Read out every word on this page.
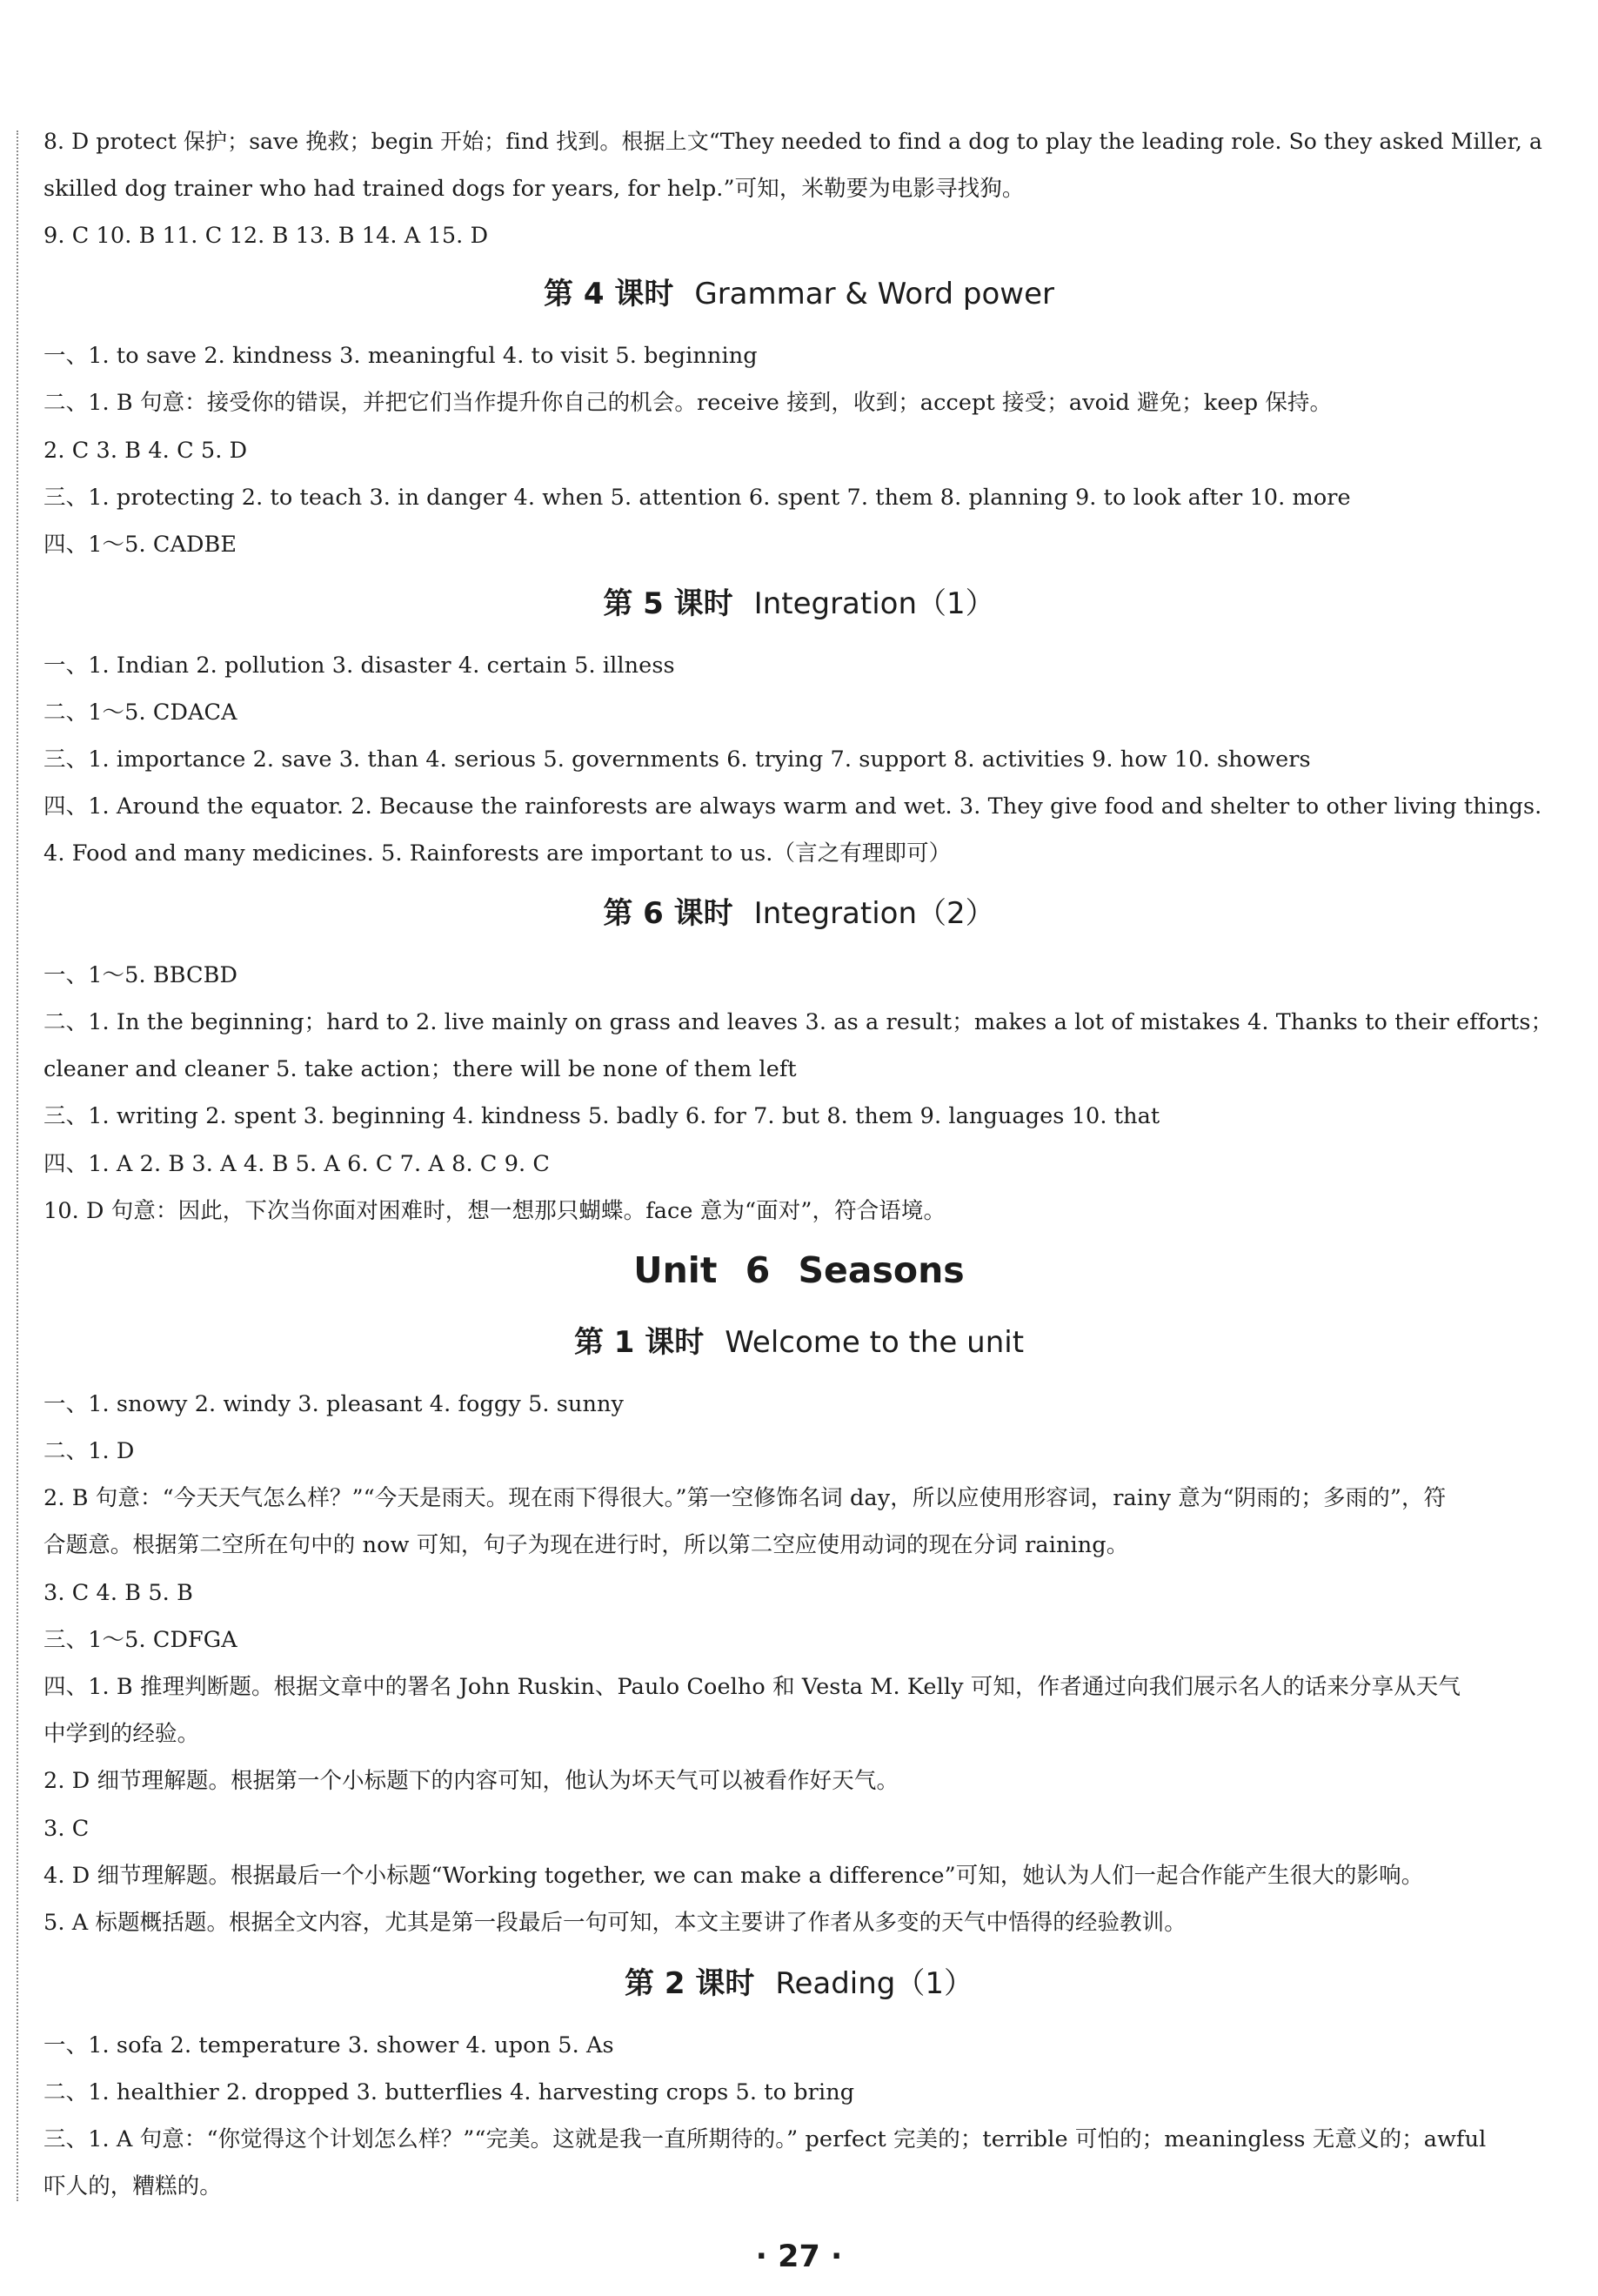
8. D protect 保护；save 挽救；begin 开始；find 找到。根据上文“They needed to find a dog to play the leading role. So they asked Miller, a
skilled dog trainer who had trained dogs for years, for help.”可知，米勒要为电影寻找狗。
9. C 10. B 11. C 12. B 13. B 14. A 15. D
第 4 课时 Grammar & Word power
一、1. to save 2. kindness 3. meaningful 4. to visit 5. beginning
二、1. B 句意：接受你的错误，并把它们当作提升你自己的机会。receive 接到，收到；accept 接受；avoid 避免；keep 保持。
2. C 3. B 4. C 5. D
三、1. protecting 2. to teach 3. in danger 4. when 5. attention 6. spent 7. them 8. planning 9. to look after 10. more
四、1～5. CADBE
第 5 课时 Integration（1）
一、1. Indian 2. pollution 3. disaster 4. certain 5. illness
二、1～5. CDACA
三、1. importance 2. save 3. than 4. serious 5. governments 6. trying 7. support 8. activities 9. how 10. showers
四、1. Around the equator. 2. Because the rainforests are always warm and wet. 3. They give food and shelter to other living things.
4. Food and many medicines. 5. Rainforests are important to us.（言之有理即可）
第 6 课时 Integration（2）
一、1～5. BBCBD
二、1. In the beginning；hard to 2. live mainly on grass and leaves 3. as a result；makes a lot of mistakes 4. Thanks to their efforts；
cleaner and cleaner 5. take action；there will be none of them left
三、1. writing 2. spent 3. beginning 4. kindness 5. badly 6. for 7. but 8. them 9. languages 10. that
四、1. A 2. B 3. A 4. B 5. A 6. C 7. A 8. C 9. C
10. D 句意：因此，下次当你面对困难时，想一想那只蝴蝶。face 意为“面对”，符合语境。
Unit 6 Seasons
第 1 课时 Welcome to the unit
一、1. snowy 2. windy 3. pleasant 4. foggy 5. sunny
二、1. D
2. B 句意：“今天天气怎么样？”“今天是雨天。现在雨下得很大。”第一空修饰名词 day，所以应使用形容词，rainy 意为“阴雨的；多雨的”，符
合题意。根据第二空所在句中的 now 可知，句子为现在进行时，所以第二空应使用动词的现在分词 raining。
3. C 4. B 5. B
三、1～5. CDFGA
四、1. B 推理判断题。根据文章中的署名 John Ruskin、Paulo Coelho 和 Vesta M. Kelly 可知，作者通过向我们展示名人的话来分享从天气
中学到的经验。
2. D 细节理解题。根据第一个小标题下的内容可知，他认为坏天气可以被看作好天气。
3. C
4. D 细节理解题。根据最后一个小标题“Working together, we can make a difference”可知，她认为人们一起合作能产生很大的影响。
5. A 标题概括题。根据全文内容，尤其是第一段最后一句可知，本文主要讲了作者从多变的天气中悟得的经验教训。
第 2 课时 Reading（1）
一、1. sofa 2. temperature 3. shower 4. upon 5. As
二、1. healthier 2. dropped 3. butterflies 4. harvesting crops 5. to bring
三、1. A 句意：“你觉得这个计划怎么样？”“完美。这就是我一直所期待的。” perfect 完美的；terrible 可怕的；meaningless 无意义的；awful
吓人的，糟糕的。
· 27 ·
